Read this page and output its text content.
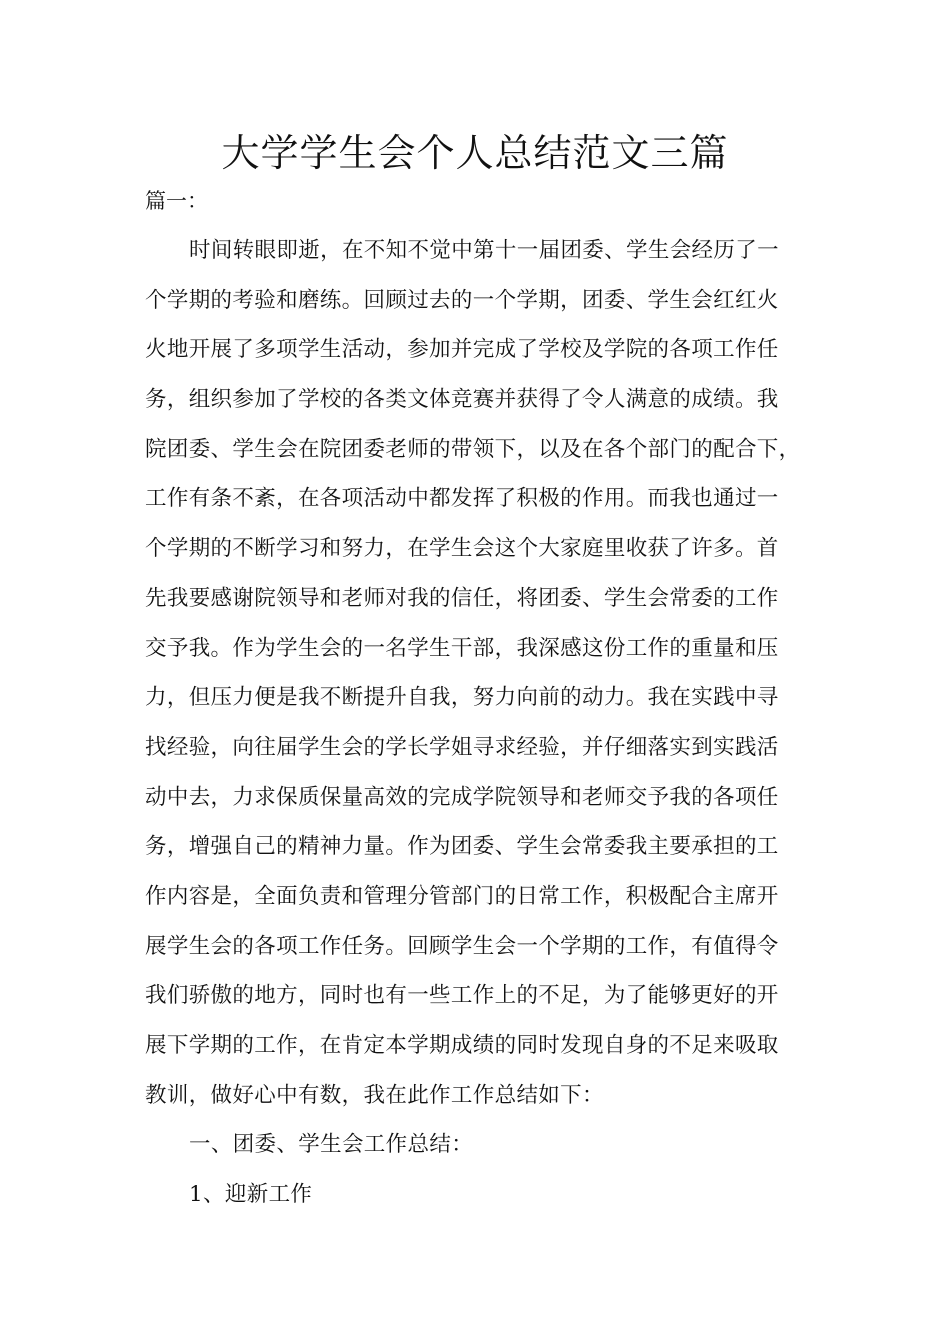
大学学生会个人总结范文三篇

篇一：

时间转眼即逝，在不知不觉中第十一届团委、学生会经历了一
个学期的考验和磨练。回顾过去的一个学期，团委、学生会红红火
火地开展了多项学生活动，参加并完成了学校及学院的各项工作任
务，组织参加了学校的各类文体竞赛并获得了令人满意的成绩。我
院团委、学生会在院团委老师的带领下，以及在各个部门的配合下，
工作有条不紊，在各项活动中都发挥了积极的作用。而我也通过一
个学期的不断学习和努力，在学生会这个大家庭里收获了许多。首
先我要感谢院领导和老师对我的信任，将团委、学生会常委的工作
交予我。作为学生会的一名学生干部，我深感这份工作的重量和压
力，但压力便是我不断提升自我，努力向前的动力。我在实践中寻
找经验，向往届学生会的学长学姐寻求经验，并仔细落实到实践活
动中去，力求保质保量高效的完成学院领导和老师交予我的各项任
务，增强自己的精神力量。作为团委、学生会常委我主要承担的工
作内容是，全面负责和管理分管部门的日常工作，积极配合主席开
展学生会的各项工作任务。回顾学生会一个学期的工作，有值得令
我们骄傲的地方，同时也有一些工作上的不足，为了能够更好的开
展下学期的工作，在肯定本学期成绩的同时发现自身的不足来吸取
教训，做好心中有数，我在此作工作总结如下：
一、团委、学生会工作总结：
1、迎新工作
